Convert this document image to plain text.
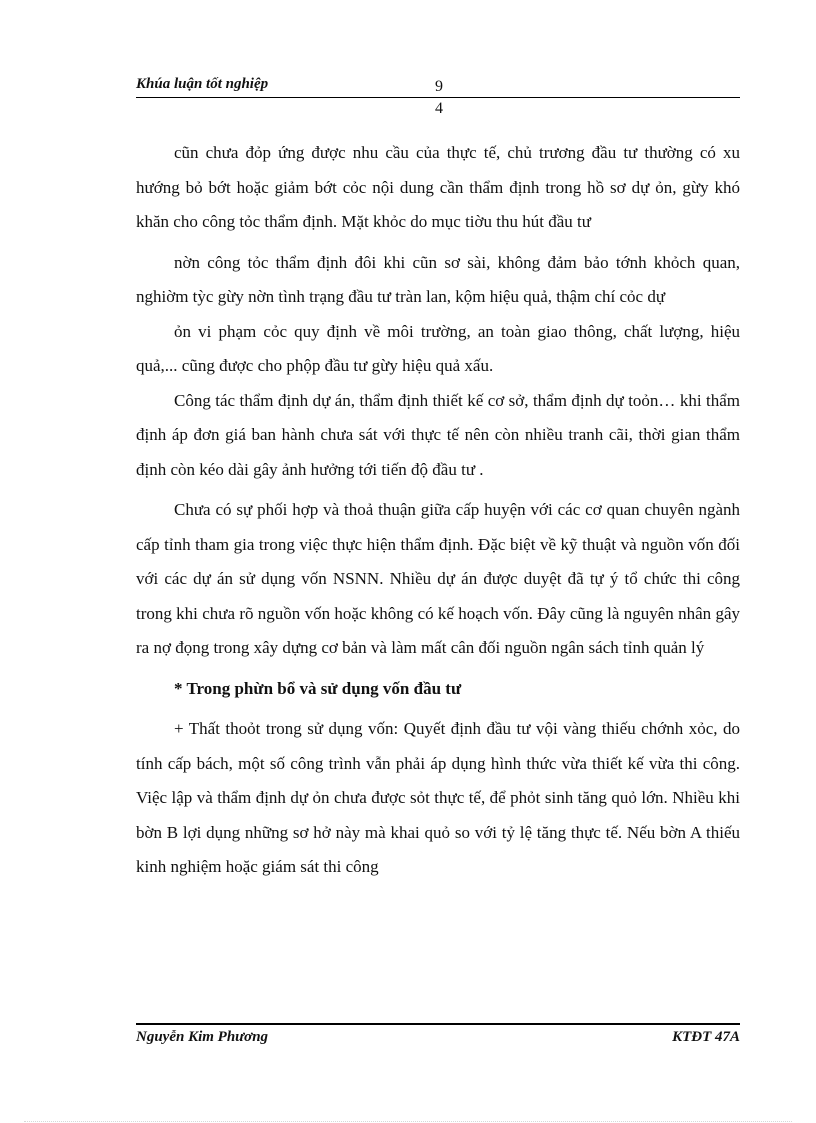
Khúa luận tốt nghiệp	9
4

cũn chưa đỏp ứng được nhu cầu của thực tế, chủ trương đầu tư thường có xu hướng bỏ bớt hoặc giảm bớt cỏc nội dung cần thẩm định trong hồ sơ dự ỏn, gừy khó khăn cho công tỏc thẩm định. Mặt khỏc do mục tiờu thu hút đầu tư

nờn công tỏc thẩm định đôi khi cũn sơ sài, không đảm bảo tớnh khỏch quan, nghiờm tỳc gừy nờn tình trạng đầu tư tràn lan, kộm hiệu quả, thậm chí cỏc dự

ỏn vi phạm cỏc quy định về môi trường, an toàn giao thông, chất lượng, hiệu quả,... cũng được cho phộp đầu tư gừy hiệu quả xấu.

Công tác thẩm định dự án, thẩm định thiết kế cơ sở, thẩm định dự toỏn… khi thẩm định áp đơn giá ban hành chưa sát với thực tế nên còn nhiều tranh cãi, thời gian thẩm định còn kéo dài gây ảnh hưởng tới tiến độ đầu tư .

Chưa có sự phối hợp và thoả thuận giữa cấp huyện với các cơ quan chuyên ngành cấp tỉnh tham gia trong việc thực hiện thẩm định. Đặc biệt về kỹ thuật và nguồn vốn đối với các dự án sử dụng vốn NSNN. Nhiều dự án được duyệt đã tự ý tổ chức thi công trong khi chưa rõ nguồn vốn hoặc không có kế hoạch vốn. Đây cũng là nguyên nhân gây ra nợ đọng trong xây dựng cơ bản và làm mất cân đối nguồn ngân sách tỉnh quản lý

* Trong phừn bổ và sử dụng vốn đầu tư

+ Thất thoỏt trong sử dụng vốn: Quyết định đầu tư vội vàng thiếu chớnh xỏc, do tính cấp bách, một số công trình vẫn phải áp dụng hình thức vừa thiết kế vừa thi công. Việc lập và thẩm định dự ỏn chưa được sỏt thực tế, để phỏt sinh tăng quỏ lớn. Nhiều khi bờn B lợi dụng những sơ hở này mà khai quỏ so với tỷ lệ tăng thực tế. Nếu bờn A thiếu kinh nghiệm hoặc giám sát thi công

Nguyễn Kim Phương	KTĐT 47A
